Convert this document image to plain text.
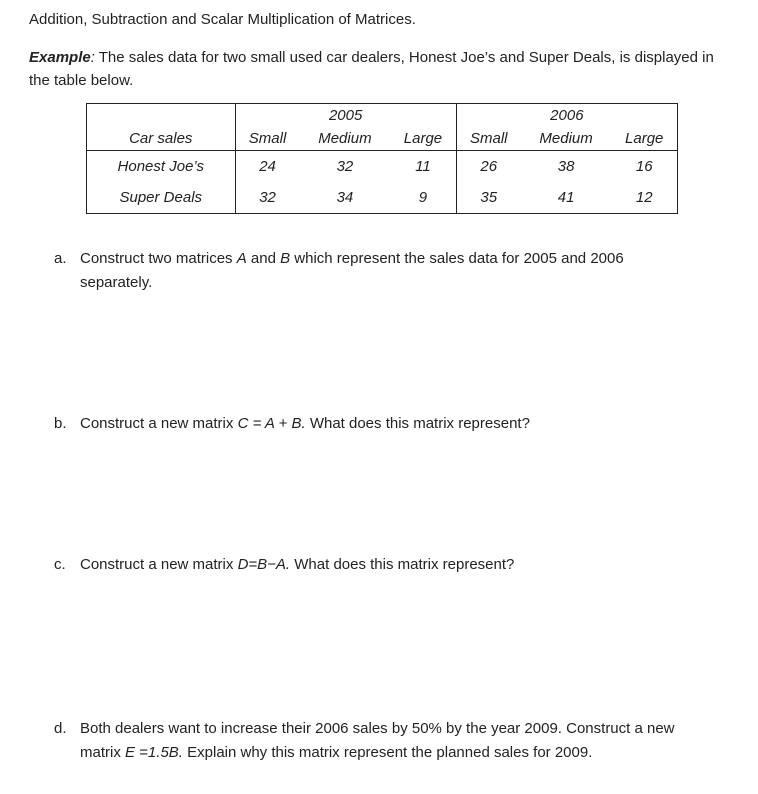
Addition, Subtraction and Scalar Multiplication of Matrices.
Example: The sales data for two small used car dealers, Honest Joe’s and Super Deals, is displayed in the table below.
	2005			2006		
Car sales	Small	Medium	Large	Small	Medium	Large
Honest Joe’s	24	32	11	26	38	16
Super Deals	32	34	9	35	41	12
a. Construct two matrices A and B which represent the sales data for 2005 and 2006
separately.
b. Construct a new matrix C = A + B. What does this matrix represent?
c. Construct a new matrix D=B−A. What does this matrix represent?
d. Both dealers want to increase their 2006 sales by 50% by the year 2009. Construct a new
matrix E =1.5B. Explain why this matrix represent the planned sales for 2009.
